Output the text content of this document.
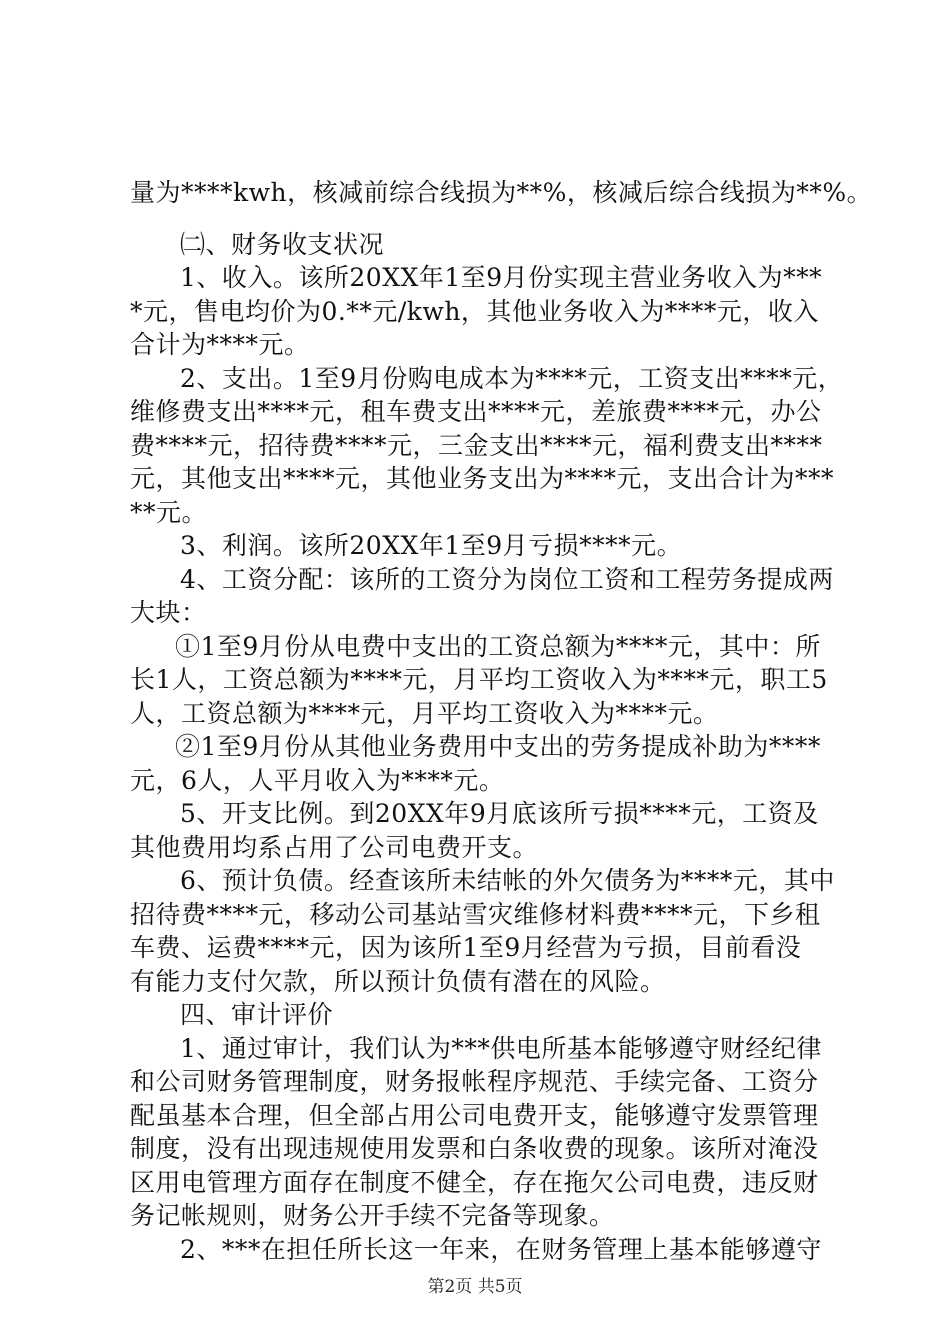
量为****kwh，核减前综合线损为**%，核减后综合线损为**%。
㈡、财务收支状况
1、收入。该所20XX年1至9月份实现主营业务收入为***
*元，售电均价为0.**元/kwh，其他业务收入为****元，收入
合计为****元。
2、支出。1至9月份购电成本为****元，工资支出****元，
维修费支出****元，租车费支出****元，差旅费****元，办公
费****元，招待费****元，三金支出****元，福利费支出****
元，其他支出****元，其他业务支出为****元，支出合计为***
**元。
3、利润。该所20XX年1至9月亏损****元。
4、工资分配：该所的工资分为岗位工资和工程劳务提成两
大块：
①1至9月份从电费中支出的工资总额为****元，其中：所
长1人，工资总额为****元，月平均工资收入为****元，职工5
人，工资总额为****元，月平均工资收入为****元。
②1至9月份从其他业务费用中支出的劳务提成补助为****
元，6人，人平月收入为****元。
5、开支比例。到20XX年9月底该所亏损****元，工资及
其他费用均系占用了公司电费开支。
6、预计负债。经查该所未结帐的外欠债务为****元，其中
招待费****元，移动公司基站雪灾维修材料费****元，下乡租
车费、运费****元，因为该所1至9月经营为亏损，目前看没
有能力支付欠款，所以预计负债有潜在的风险。
四、审计评价
1、通过审计，我们认为***供电所基本能够遵守财经纪律
和公司财务管理制度，财务报帐程序规范、手续完备、工资分
配虽基本合理，但全部占用公司电费开支，能够遵守发票管理
制度，没有出现违规使用发票和白条收费的现象。该所对淹没
区用电管理方面存在制度不健全，存在拖欠公司电费，违反财
务记帐规则，财务公开手续不完备等现象。
2、***在担任所长这一年来，在财务管理上基本能够遵守
第2页 共5页
